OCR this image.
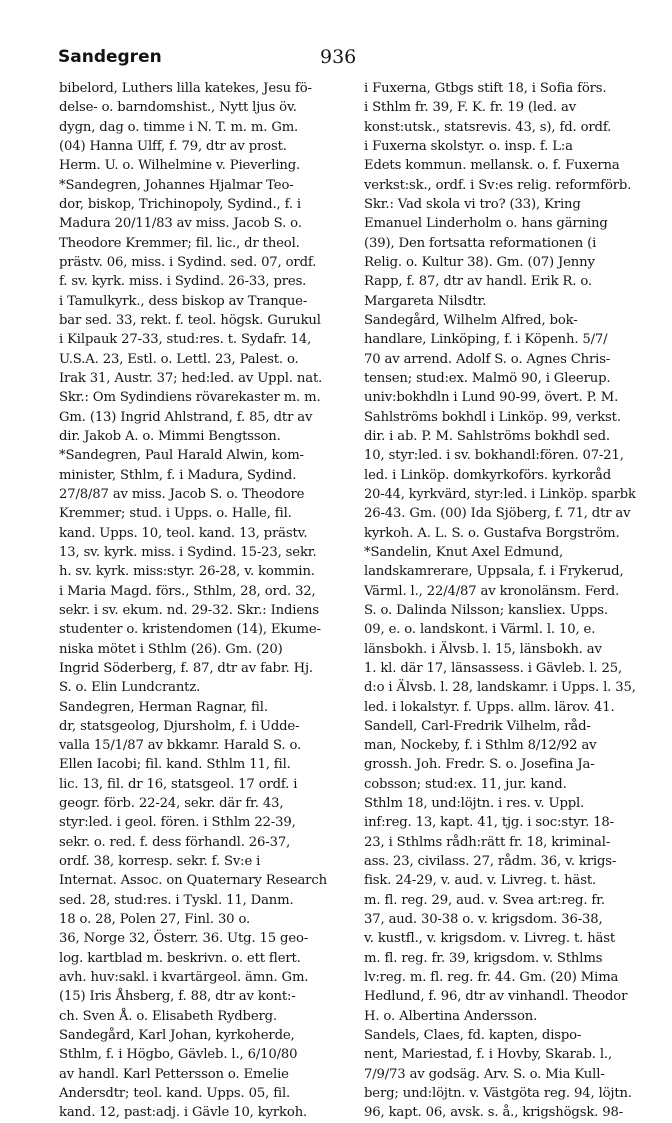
Sandegren	936
bibelord, Luthers lilla katekes, Jesu fö-
delse- o. barndomshist., Nytt ljus öv.
dygn, dag o. timme i N. T. m. m. Gm.
(04) Hanna Ulff, f. 79, dtr av prost.
Herm. U. o. Wilhelmine v. Pieverling.
*Sandegren, Johannes Hjalmar Teo-
dor, biskop, Trichinopoly, Sydind., f. i
Madura 20/11/83 av miss. Jacob S. o.
Theodore Kremmer; fil. lic., dr theol.
prästv. 06, miss. i Sydind. sed. 07, ordf.
f. sv. kyrk. miss. i Sydind. 26-33, pres.
i Tamulkyrk., dess biskop av Tranque-
bar sed. 33, rekt. f. teol. högsk. Gurukul
i Kilpauk 27-33, stud:res. t. Sydafr. 14,
U.S.A. 23, Estl. o. Lettl. 23, Palest. o.
Irak 31, Austr. 37; hed:led. av Uppl. nat.
Skr.: Om Sydindiens rövarekaster m. m.
Gm. (13) Ingrid Ahlstrand, f. 85, dtr av
dir. Jakob A. o. Mimmi Bengtsson.
*Sandegren, Paul Harald Alwin, kom-
minister, Sthlm, f. i Madura, Sydind.
27/8/87 av miss. Jacob S. o. Theodore
Kremmer; stud. i Upps. o. Halle, fil.
kand. Upps. 10, teol. kand. 13, prästv.
13, sv. kyrk. miss. i Sydind. 15-23, sekr.
h. sv. kyrk. miss:styr. 26-28, v. kommin.
i Maria Magd. förs., Sthlm, 28, ord. 32,
sekr. i sv. ekum. nd. 29-32. Skr.: Indiens
studenter o. kristendomen (14), Ekume-
niska mötet i Sthlm (26). Gm. (20)
Ingrid Söderberg, f. 87, dtr av fabr. Hj.
S. o. Elin Lundcrantz.
Sandegren, Herman Ragnar, fil.
dr, statsgeolog, Djursholm, f. i Udde-
valla 15/1/87 av bkkamr. Harald S. o.
Ellen Iacobi; fil. kand. Sthlm 11, fil.
lic. 13, fil. dr 16, statsgeol. 17 ordf. i
geogr. förb. 22-24, sekr. där fr. 43,
styr:led. i geol. fören. i Sthlm 22-39,
sekr. o. red. f. dess förhandl. 26-37,
ordf. 38, korresp. sekr. f. Sv:e i
Internat. Assoc. on Quaternary Research
sed. 28, stud:res. i Tyskl. 11, Danm.
18 o. 28, Polen 27, Finl. 30 o.
36, Norge 32, Österr. 36. Utg. 15 geo-
log. kartblad m. beskrivn. o. ett flert.
avh. huv:sakl. i kvartärgeol. ämn. Gm.
(15) Iris Åhsberg, f. 88, dtr av kont:-
ch. Sven Å. o. Elisabeth Rydberg.
Sandegård, Karl Johan, kyrkoherde,
Sthlm, f. i Högbo, Gävleb. l., 6/10/80
av handl. Karl Pettersson o. Emelie
Andersdtr; teol. kand. Upps. 05, fil.
kand. 12, past:adj. i Gävle 10, kyrkoh.
i Fuxerna, Gtbgs stift 18, i Sofia förs.
i Sthlm fr. 39, F. K. fr. 19 (led. av
konst:utsk., statsrevis. 43, s), fd. ordf.
i Fuxerna skolstyr. o. insp. f. L:a
Edets kommun. mellansk. o. f. Fuxerna
verkst:sk., ordf. i Sv:es relig. reformförb.
Skr.: Vad skola vi tro? (33), Kring
Emanuel Linderholm o. hans gärning
(39), Den fortsatta reformationen (i
Relig. o. Kultur 38). Gm. (07) Jenny
Rapp, f. 87, dtr av handl. Erik R. o.
Margareta Nilsdtr.
Sandegård, Wilhelm Alfred, bok-
handlare, Linköping, f. i Köpenh. 5/7/
70 av arrend. Adolf S. o. Agnes Chris-
tensen; stud:ex. Malmö 90, i Gleerup.
univ:bokhdln i Lund 90-99, övert. P. M.
Sahlströms bokhdl i Linköp. 99, verkst.
dir. i ab. P. M. Sahlströms bokhdl sed.
10, styr:led. i sv. bokhandl:fören. 07-21,
led. i Linköp. domkyrkoförs. kyrkoråd
20-44, kyrkvärd, styr:led. i Linköp. sparbk
26-43. Gm. (00) Ida Sjöberg, f. 71, dtr av
kyrkoh. A. L. S. o. Gustafva Borgström.
*Sandelin, Knut Axel Edmund,
landskamrerare, Uppsala, f. i Frykerud,
Värml. l., 22/4/87 av kronolänsm. Ferd.
S. o. Dalinda Nilsson; kansliex. Upps.
09, e. o. landskont. i Värml. l. 10, e.
länsbokh. i Älvsb. l. 15, länsbokh. av
1. kl. där 17, länsassess. i Gävleb. l. 25,
d:o i Älvsb. l. 28, landskamr. i Upps. l. 35,
led. i lokalstyr. f. Upps. allm. lärov. 41.
Sandell, Carl-Fredrik Vilhelm, råd-
man, Nockeby, f. i Sthlm 8/12/92 av
grossh. Joh. Fredr. S. o. Josefina Ja-
cobsson; stud:ex. 11, jur. kand.
Sthlm 18, und:löjtn. i res. v. Uppl.
inf:reg. 13, kapt. 41, tjg. i soc:styr. 18-
23, i Sthlms rådh:rätt fr. 18, kriminal-
ass. 23, civilass. 27, rådm. 36, v. krigs-
fisk. 24-29, v. aud. v. Livreg. t. häst.
m. fl. reg. 29, aud. v. Svea art:reg. fr.
37, aud. 30-38 o. v. krigsdom. 36-38,
v. kustfl., v. krigsdom. v. Livreg. t. häst
m. fl. reg. fr. 39, krigsdom. v. Sthlms
lv:reg. m. fl. reg. fr. 44. Gm. (20) Mima
Hedlund, f. 96, dtr av vinhandl. Theodor
H. o. Albertina Andersson.
Sandels, Claes, fd. kapten, dispo-
nent, Mariestad, f. i Hovby, Skarab. l.,
7/9/73 av godsäg. Arv. S. o. Mia Kull-
berg; und:löjtn. v. Västgöta reg. 94, löjtn.
96, kapt. 06, avsk. s. å., krigshögsk. 98-
